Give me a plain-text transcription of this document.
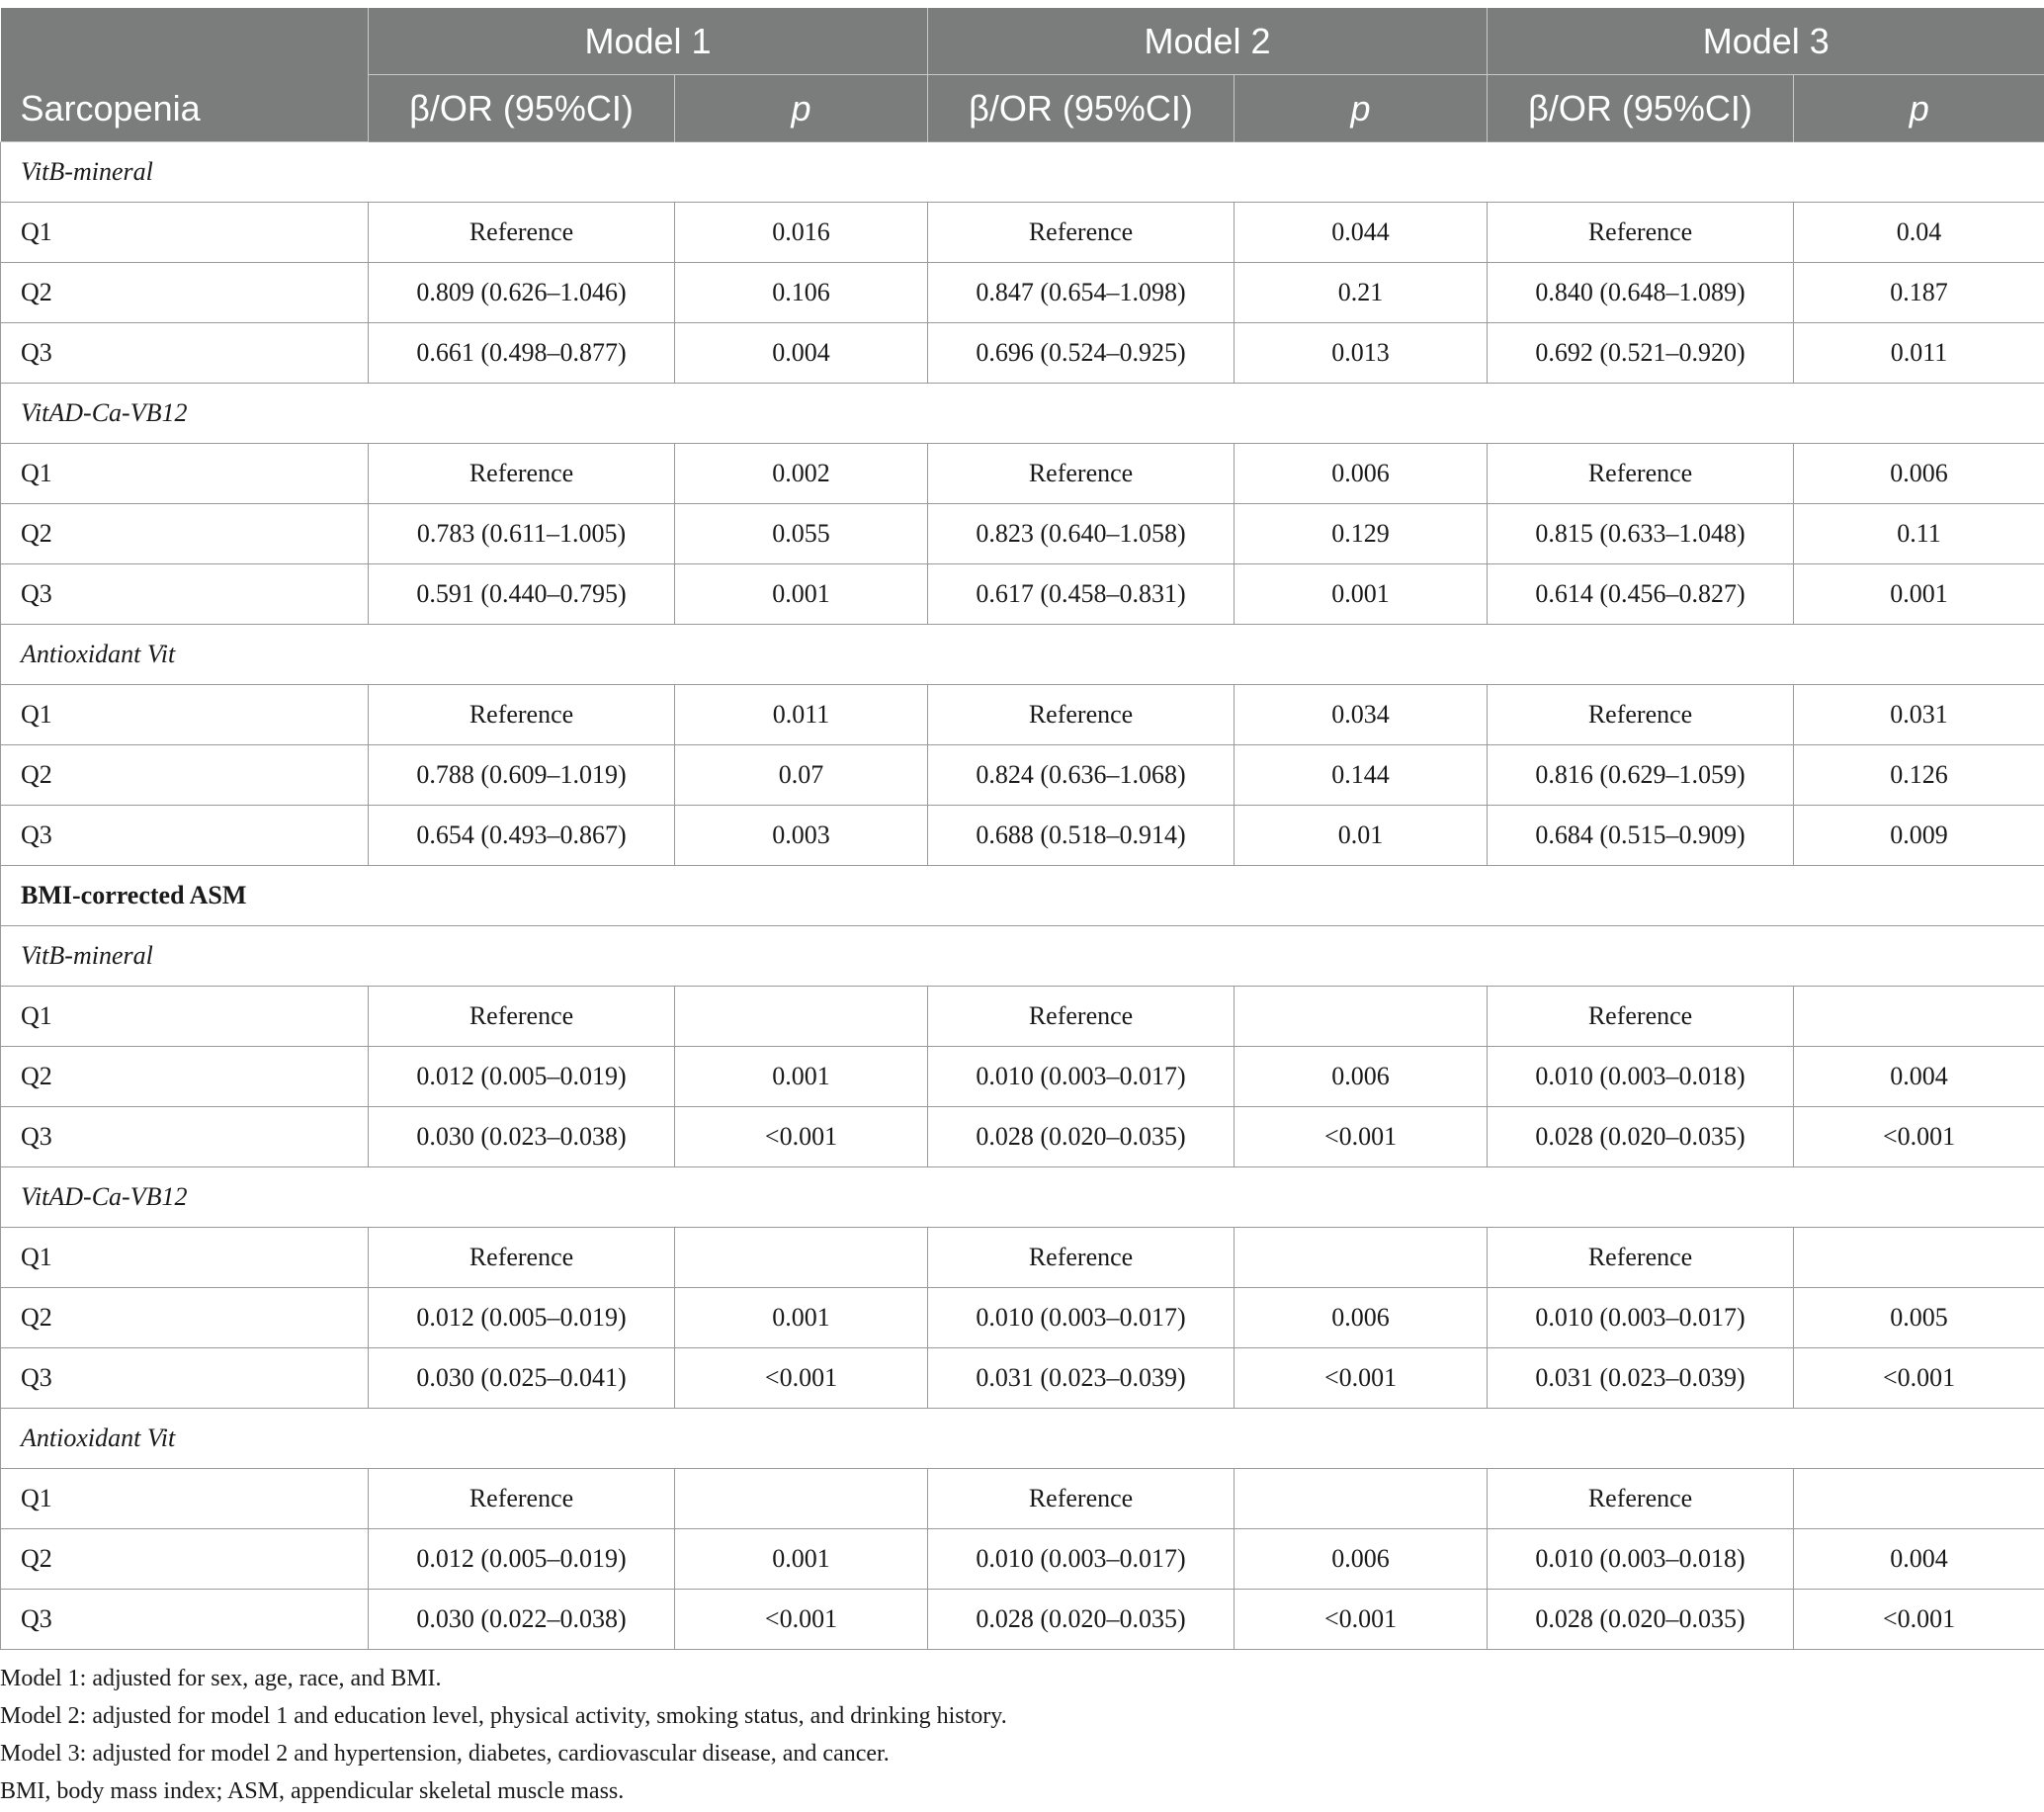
Sarcopenia	Model 1		Model 2		Model 3	
	β/OR (95%CI)	p	β/OR (95%CI)	p	β/OR (95%CI)	p
VitB-mineral						
Q1	Reference	0.016	Reference	0.044	Reference	0.04
Q2	0.809 (0.626–1.046)	0.106	0.847 (0.654–1.098)	0.21	0.840 (0.648–1.089)	0.187
Q3	0.661 (0.498–0.877)	0.004	0.696 (0.524–0.925)	0.013	0.692 (0.521–0.920)	0.011
VitAD-Ca-VB12						
Q1	Reference	0.002	Reference	0.006	Reference	0.006
Q2	0.783 (0.611–1.005)	0.055	0.823 (0.640–1.058)	0.129	0.815 (0.633–1.048)	0.11
Q3	0.591 (0.440–0.795)	0.001	0.617 (0.458–0.831)	0.001	0.614 (0.456–0.827)	0.001
Antioxidant Vit						
Q1	Reference	0.011	Reference	0.034	Reference	0.031
Q2	0.788 (0.609–1.019)	0.07	0.824 (0.636–1.068)	0.144	0.816 (0.629–1.059)	0.126
Q3	0.654 (0.493–0.867)	0.003	0.688 (0.518–0.914)	0.01	0.684 (0.515–0.909)	0.009
BMI-corrected ASM						
VitB-mineral						
Q1	Reference		Reference		Reference	
Q2	0.012 (0.005–0.019)	0.001	0.010 (0.003–0.017)	0.006	0.010 (0.003–0.018)	0.004
Q3	0.030 (0.023–0.038)	<0.001	0.028 (0.020–0.035)	<0.001	0.028 (0.020–0.035)	<0.001
VitAD-Ca-VB12						
Q1	Reference		Reference		Reference	
Q2	0.012 (0.005–0.019)	0.001	0.010 (0.003–0.017)	0.006	0.010 (0.003–0.017)	0.005
Q3	0.030 (0.025–0.041)	<0.001	0.031 (0.023–0.039)	<0.001	0.031 (0.023–0.039)	<0.001
Antioxidant Vit						
Q1	Reference		Reference		Reference	
Q2	0.012 (0.005–0.019)	0.001	0.010 (0.003–0.017)	0.006	0.010 (0.003–0.018)	0.004
Q3	0.030 (0.022–0.038)	<0.001	0.028 (0.020–0.035)	<0.001	0.028 (0.020–0.035)	<0.001
Model 1: adjusted for sex, age, race, and BMI.
Model 2: adjusted for model 1 and education level, physical activity, smoking status, and drinking history.
Model 3: adjusted for model 2 and hypertension, diabetes, cardiovascular disease, and cancer.
BMI, body mass index; ASM, appendicular skeletal muscle mass.
